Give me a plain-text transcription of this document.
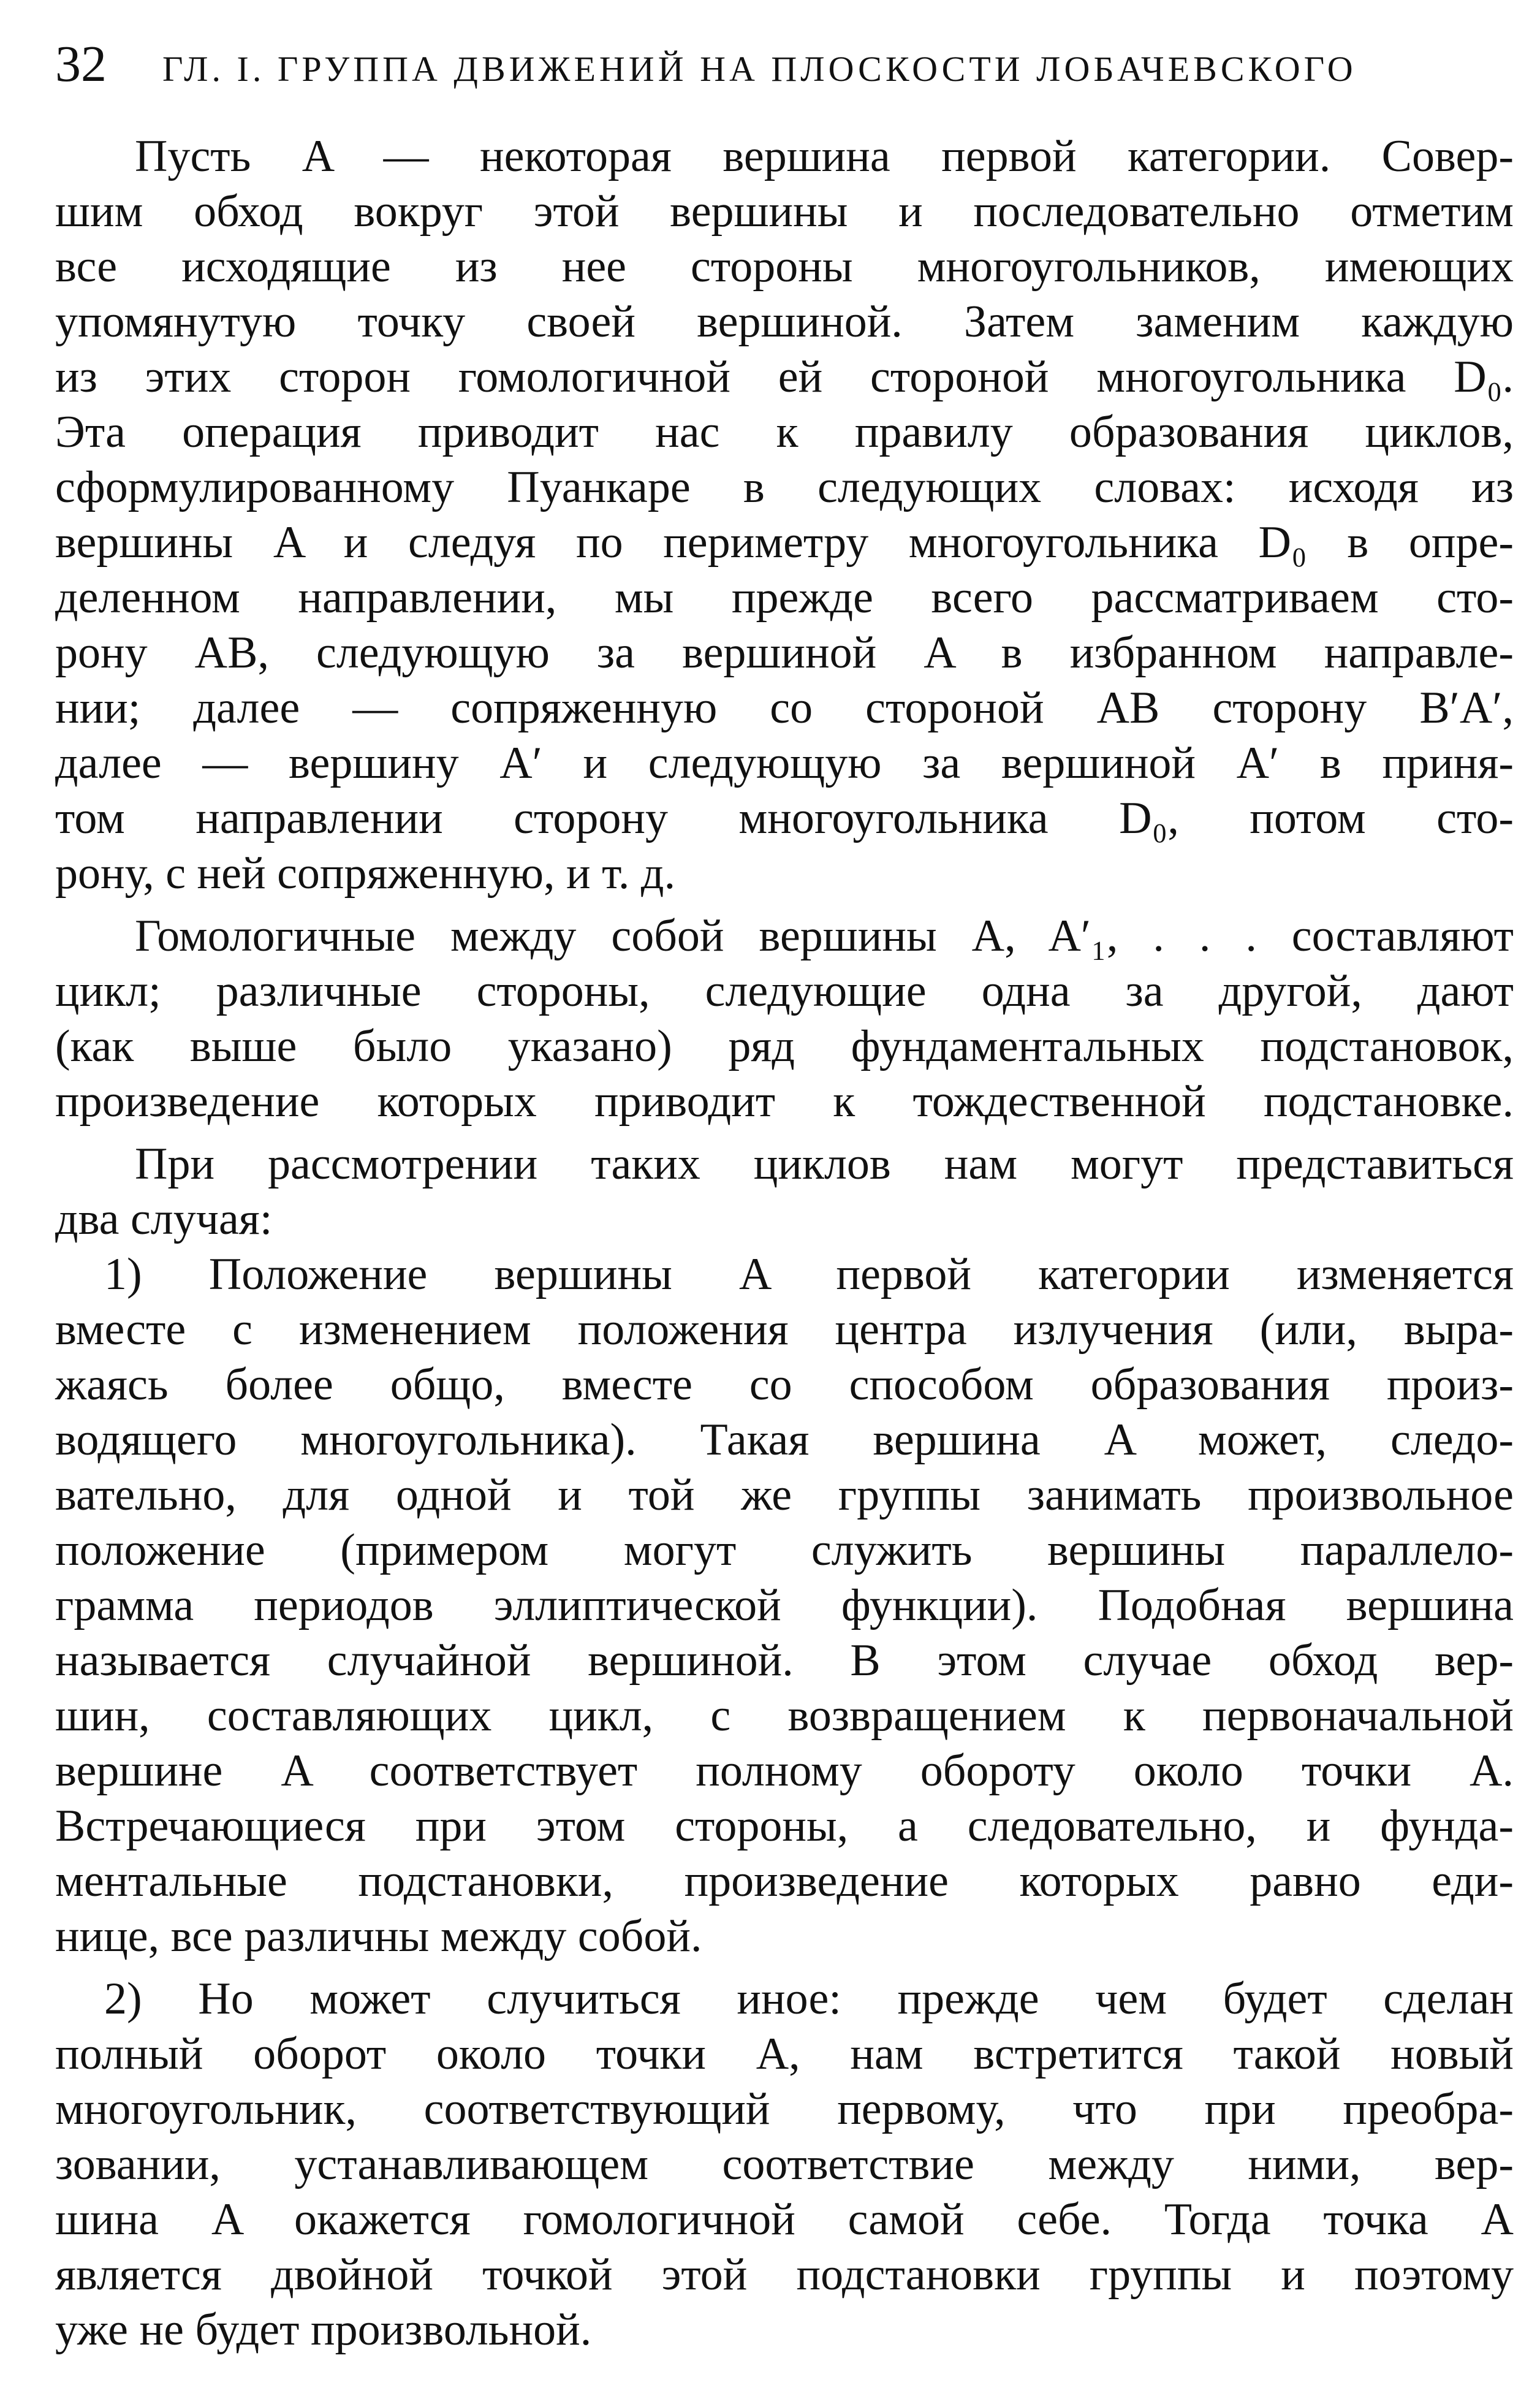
32 ГЛ. I. ГРУППА ДВИЖЕНИЙ НА ПЛОСКОСТИ ЛОБАЧЕВСКОГО
Пусть A — некоторая вершина первой категории. Совер-
шим обход вокруг этой вершины и последовательно отметим
все исходящие из нее стороны многоугольников, имеющих
упомянутую точку своей вершиной. Затем заменим каждую
из этих сторон гомологичной ей стороной многоугольника D₀.
Эта операция приводит нас к правилу образования циклов,
сформулированному Пуанкаре в следующих словах: исходя из
вершины A и следуя по периметру многоугольника D₀ в опре-
деленном направлении, мы прежде всего рассматриваем сто-
рону AB, следующую за вершиной A в избранном направле-
нии; далее — сопряженную со стороной AB сторону B′A′,
далее — вершину A′ и следующую за вершиной A′ в приня-
том направлении сторону многоугольника D₀, потом сто-
рону, с ней сопряженную, и т. д.
Гомологичные между собой вершины A, A′₁, . . . составляют
цикл; различные стороны, следующие одна за другой, дают
(как выше было указано) ряд фундаментальных подстановок,
произведение которых приводит к тождественной подстановке.
При рассмотрении таких циклов нам могут представиться
два случая:
1) Положение вершины A первой категории изменяется
вместе с изменением положения центра излучения (или, выра-
жаясь более общо, вместе со способом образования произ-
водящего многоугольника). Такая вершина A может, следо-
вательно, для одной и той же группы занимать произвольное
положение (примером могут служить вершины параллело-
грамма периодов эллиптической функции). Подобная вершина
называется случайной вершиной. В этом случае обход вер-
шин, составляющих цикл, с возвращением к первоначальной
вершине A соответствует полному обороту около точки A.
Встречающиеся при этом стороны, а следовательно, и фунда-
ментальные подстановки, произведение которых равно еди-
нице, все различны между собой.
2) Но может случиться иное: прежде чем будет сделан
полный оборот около точки A, нам встретится такой новый
многоугольник, соответствующий первому, что при преобра-
зовании, устанавливающем соответствие между ними, вер-
шина A окажется гомологичной самой себе. Тогда точка A
является двойной точкой этой подстановки группы и поэтому
уже не будет произвольной.
